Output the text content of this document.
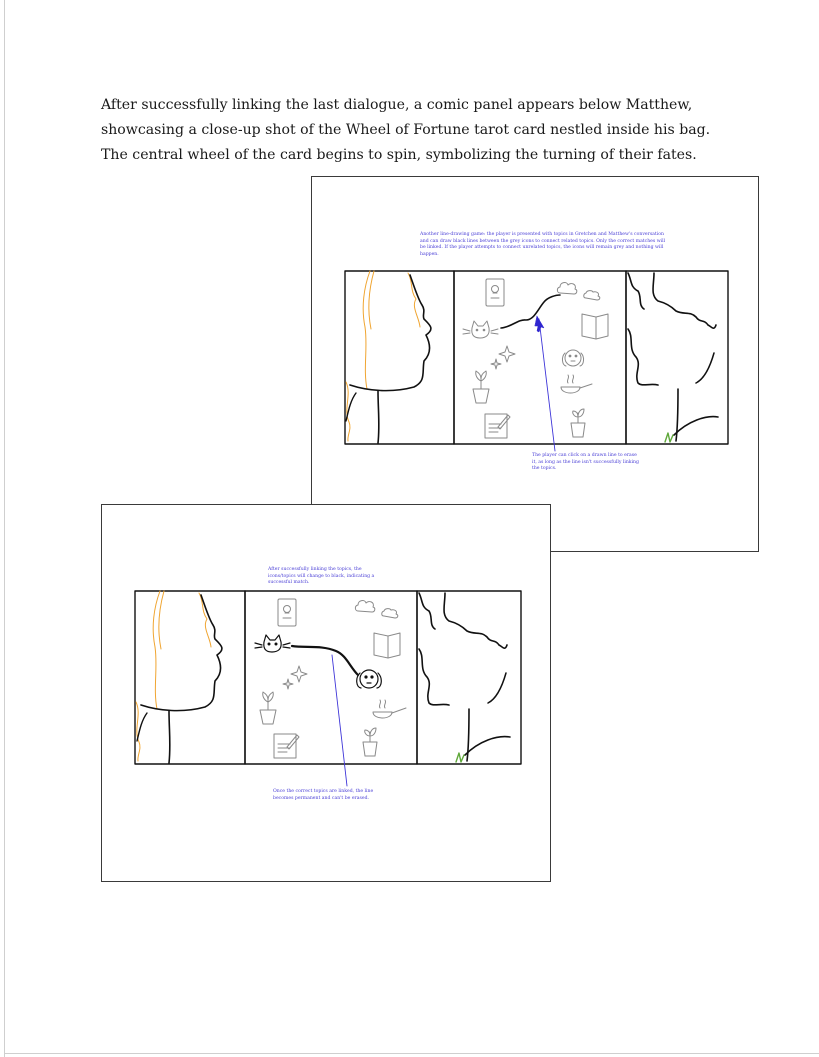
After successfully linking the last dialogue, a comic panel appears below Matthew, showcasing a close-up shot of the Wheel of Fortune tarot card nestled inside his bag. The central wheel of the card begins to spin, symbolizing the turning of their fates.

Another line-drawing game: the player is presented with topics in Gretchen and Matthew's conversation and can draw black lines between the grey icons to connect related topics. Only the correct matches will be linked. If the player attempts to connect unrelated topics, the icons will remain grey and nothing will happen.

The player can click on a drawn line to erase it, as long as the line isn't successfully linking the topics.

After successfully linking the topics, the icons/topics will change to black, indicating a successful match.

Once the correct topics are linked, the line becomes permanent and can't be erased.
